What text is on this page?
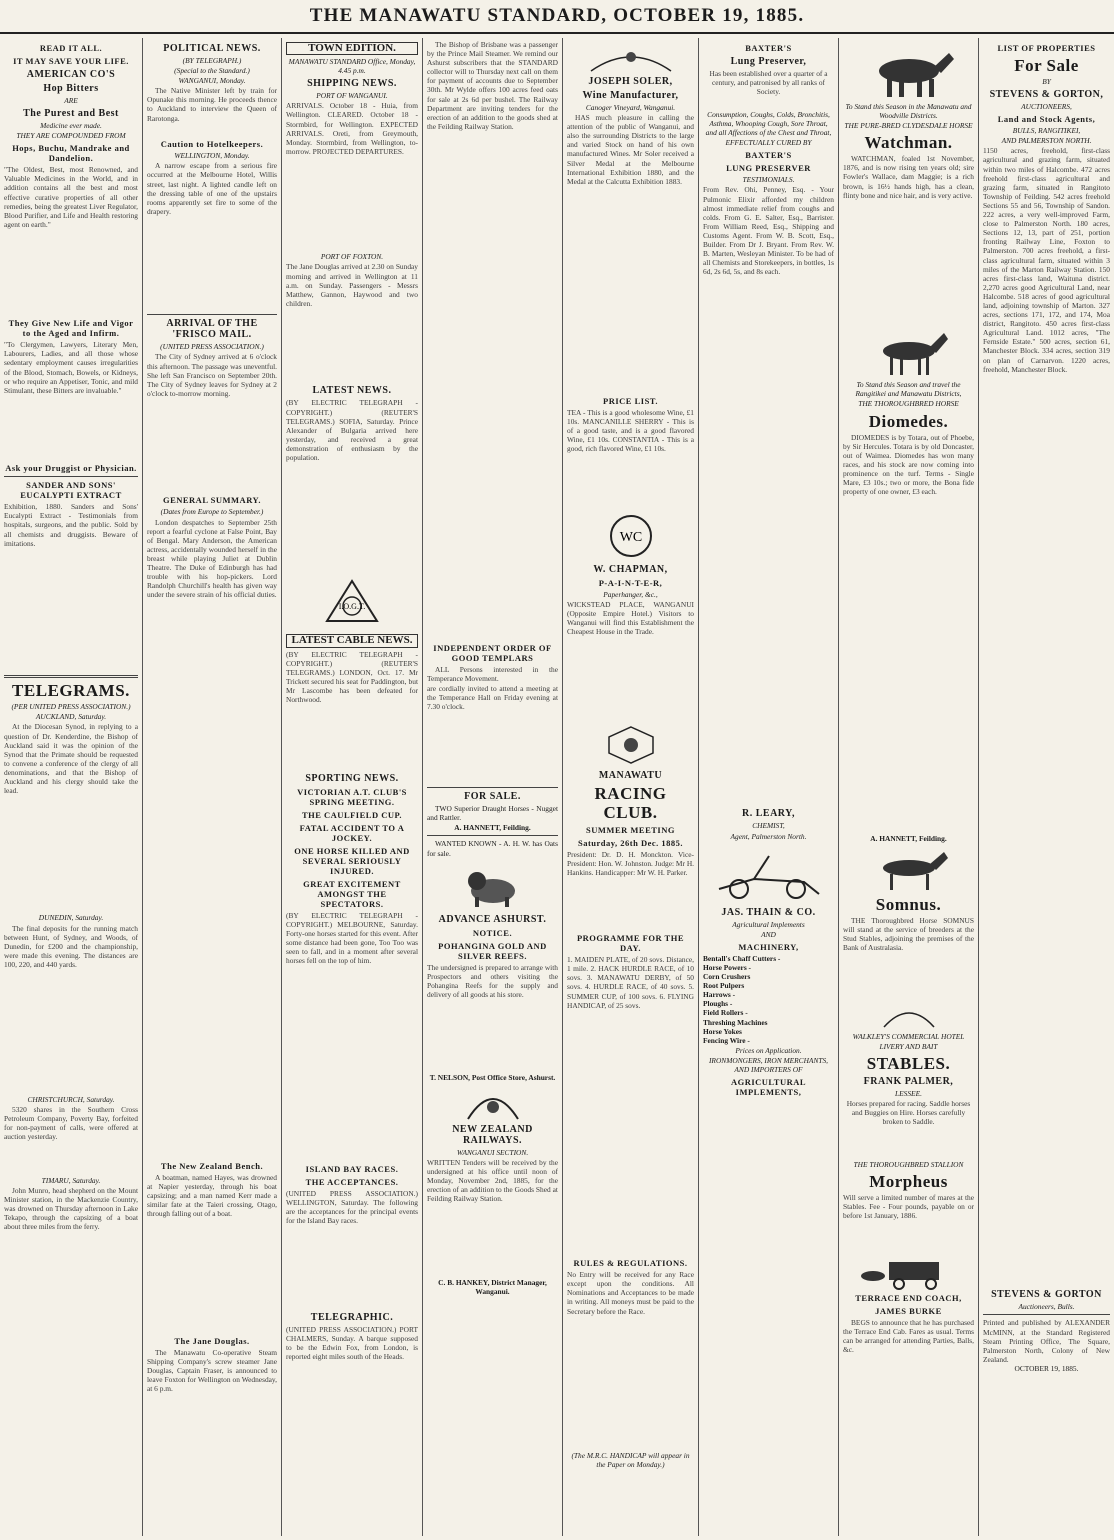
THE MANAWATU STANDARD, OCTOBER 19, 1885.
READ IT ALL.
IT MAY SAVE YOUR LIFE.
AMERICAN CO'S
Hop Bitters
ARE
The Purest and Best
Medicine ever made.
THEY ARE COMPOUNDED FROM
Hops, Buchu, Mandrake and Dandelion.
"The Oldest, Best, most Renowned, and Valuable Medicines in the World, and in addition contains all the best and most effective curative properties of all other remedies, being the greatest Liver Regulator, Blood Purifier, and Life and Health restoring agent on earth."
They Give New Life and Vigor to the Aged and Infirm.
"To Clergymen, Lawyers, Literary Men, Labourers, Ladies, and all those whose sedentary employment causes irregularities of the Blood, Stomach, Bowels, or Kidneys, or who require an Appetiser, Tonic, and mild Stimulant, these Bitters are invaluable."
Ask your Druggist or Physician.
SANDER AND SONS' EUCALYPTI EXTRACT
Exhibition, 1880. Sanders and Sons' Eucalypti Extract - Testimonials from hospitals, surgeons, and the public. Sold by all chemists and druggists. Beware of imitations.
TELEGRAMS.
(PER UNITED PRESS ASSOCIATION.)
AUCKLAND, Saturday.
At the Diocesan Synod, in replying to a question of Dr. Kenderdine, the Bishop of Auckland said it was the opinion of the Synod that the Primate should be requested to convene a conference of the clergy of all denominations, and that the Bishop of Auckland and his clergy should take the lead.
DUNEDIN, Saturday.
The final deposits for the running match between Hunt, of Sydney, and Woods, of Dunedin, for £200 and the championship, were made this evening. The distances are 100, 220, and 440 yards.
CHRISTCHURCH, Saturday.
5320 shares in the Southern Cross Petroleum Company, Poverty Bay, forfeited for non-payment of calls, were offered at auction yesterday.
TIMARU, Saturday.
John Munro, head shepherd on the Mount Minister station, in the Mackenzie Country, was drowned on Thursday afternoon in Lake Tekapo, through the capsizing of a boat about three miles from the ferry.
POLITICAL NEWS.
(BY TELEGRAPH.)
(Special to the Standard.)
WANGANUI, Monday.
The Native Minister left by train for Opunake this morning. He proceeds thence to Auckland to interview the Queen of Rarotonga.
Caution to Hotelkeepers.
WELLINGTON, Monday.
A narrow escape from a serious fire occurred at the Melbourne Hotel, Willis street, last night. A lighted candle left on the dressing table of one of the upstairs rooms apparently set fire to some of the drapery.
ARRIVAL OF THE 'FRISCO MAIL.
(UNITED PRESS ASSOCIATION.)
The City of Sydney arrived at 6 o'clock this afternoon. The passage was uneventful. She left San Francisco on September 20th. The City of Sydney leaves for Sydney at 2 o'clock to-morrow morning.
GENERAL SUMMARY.
(Dates from Europe to September.)
London despatches to September 25th report a fearful cyclone at False Point, Bay of Bengal. Mary Anderson, the American actress, accidentally wounded herself in the breast while playing Juliet at Dublin Theatre. The Duke of Edinburgh has had trouble with his hop-pickers. Lord Randolph Churchill's health has given way under the severe strain of his official duties.
The New Zealand Bench.
A boatman, named Hayes, was drowned at Napier yesterday, through his boat capsizing; and a man named Kerr made a similar fate at the Taieri crossing, Otago, through falling out of a boat.
The Jane Douglas.
The Manawatu Co-operative Steam Shipping Company's screw steamer Jane Douglas, Captain Fraser, is announced to leave Foxton for Wellington on Wednesday, at 6 p.m.
TOWN EDITION.
MANAWATU STANDARD Office, Monday, 4.45 p.m.
SHIPPING NEWS.
PORT OF WANGANUI.
ARRIVALS. October 18 - Huia, from Wellington. CLEARED. October 18 - Stormbird, for Wellington. EXPECTED ARRIVALS. Oreti, from Greymouth, Monday. Stormbird, from Wellington, to-morrow. PROJECTED DEPARTURES.
PORT OF FOXTON.
The Jane Douglas arrived at 2.30 on Sunday morning and arrived in Wellington at 11 a.m. on Sunday. Passengers - Messrs Matthew, Gannon, Haywood and two children.
LATEST NEWS.
(BY ELECTRIC TELEGRAPH - COPYRIGHT.) (REUTER'S TELEGRAMS.) SOFIA, Saturday. Prince Alexander of Bulgaria arrived here yesterday, and received a great demonstration of enthusiasm by the population.
I.O.G.T.
LATEST CABLE NEWS.
(BY ELECTRIC TELEGRAPH - COPYRIGHT.) (REUTER'S TELEGRAMS.) LONDON, Oct. 17. Mr Trickett secured his seat for Paddington, but Mr Lascombe has been defeated for Northwood.
SPORTING NEWS.
VICTORIAN A.T. CLUB'S SPRING MEETING.
THE CAULFIELD CUP.
FATAL ACCIDENT TO A JOCKEY.
ONE HORSE KILLED AND SEVERAL SERIOUSLY INJURED.
GREAT EXCITEMENT AMONGST THE SPECTATORS.
(BY ELECTRIC TELEGRAPH - COPYRIGHT.) MELBOURNE, Saturday. Forty-one horses started for this event. After some distance had been gone, Too Too was seen to fall, and in a moment after several horses fell on the top of him.
ISLAND BAY RACES.
THE ACCEPTANCES.
(UNITED PRESS ASSOCIATION.) WELLINGTON, Saturday. The following are the acceptances for the principal events for the Island Bay races.
TELEGRAPHIC.
(UNITED PRESS ASSOCIATION.) PORT CHALMERS, Sunday. A barque supposed to be the Edwin Fox, from London, is reported eight miles south of the Heads.
The Bishop of Brisbane was a passenger by the Prince Mail Steamer. We remind our Ashurst subscribers that the STANDARD collector will to Thursday next call on them for payment of accounts due to September 30th. Mr Wylde offers 100 acres feed oats for sale at 2s 6d per bushel. The Railway Department are inviting tenders for the erection of an addition to the goods shed at the Feilding Railway Station.
INDEPENDENT ORDER OF GOOD TEMPLARS
ALL Persons interested in the Temperance Movement.
are cordially invited to attend a meeting at the Temperance Hall on Friday evening at 7.30 o'clock.
FOR SALE.
TWO Superior Draught Horses - Nugget and Rattler.
A. HANNETT, Feilding.
WANTED KNOWN - A. H. W. has Oats for sale.
ADVANCE ASHURST.
NOTICE.
POHANGINA GOLD AND SILVER REEFS.
The undersigned is prepared to arrange with Prospectors and others visiting the Pohangina Reefs for the supply and delivery of all goods at his store.
T. NELSON, Post Office Store, Ashurst.
NEW ZEALAND RAILWAYS.
WANGANUI SECTION.
WRITTEN Tenders will be received by the undersigned at his office until noon of Monday, November 2nd, 1885, for the erection of an addition to the Goods Shed at Feilding Railway Station.
C. B. HANKEY, District Manager, Wanganui.
JOSEPH SOLER,
Wine Manufacturer,
Canoger Vineyard, Wanganui.
HAS much pleasure in calling the attention of the public of Wanganui, and also the surrounding Districts to the large and varied Stock on hand of his own manufactured Wines. Mr Soler received a Silver Medal at the Melbourne International Exhibition 1880, and the Medal at the Calcutta Exhibition 1883.
PRICE LIST.
TEA - This is a good wholesome Wine, £1 10s. MANCANILLE SHERRY - This is of a good taste, and is a good flavored Wine, £1 10s. CONSTANTIA - This is a good, rich flavored Wine, £1 10s.
WC
W. CHAPMAN,
P-A-I-N-T-E-R,
Paperhanger, &c.,
WICKSTEAD PLACE, WANGANUI (Opposite Empire Hotel.) Visitors to Wanganui will find this Establishment the Cheapest House in the Trade.
MANAWATU
RACING CLUB.
SUMMER MEETING
Saturday, 26th Dec. 1885.
President: Dr. D. H. Monckton. Vice-President: Hon. W. Johnston. Judge: Mr H. Hankins. Handicapper: Mr W. H. Parker.
PROGRAMME FOR THE DAY.
1. MAIDEN PLATE, of 20 sovs. Distance, 1 mile. 2. HACK HURDLE RACE, of 10 sovs. 3. MANAWATU DERBY, of 50 sovs. 4. HURDLE RACE, of 40 sovs. 5. SUMMER CUP, of 100 sovs. 6. FLYING HANDICAP, of 25 sovs.
RULES & REGULATIONS.
No Entry will be received for any Race except upon the conditions. All Nominations and Acceptances to be made in writing. All moneys must be paid to the Secretary before the Race.
(The M.R.C. HANDICAP will appear in the Paper on Monday.)
BAXTER'S
Lung Preserver,
Has been established over a quarter of a century, and patronised by all ranks of Society.
Consumption, Coughs, Colds, Bronchitis, Asthma, Whooping Cough, Sore Throat, and all Affections of the Chest and Throat,
EFFECTUALLY CURED BY
BAXTER'S
LUNG PRESERVER
TESTIMONIALS.
From Rev. Ohi, Penney, Esq. - Your Pulmonic Elixir afforded my children almost immediate relief from coughs and colds. From G. E. Salter, Esq., Barrister. From William Reed, Esq., Shipping and Customs Agent. From W. B. Scott, Esq., Builder. From Dr J. Bryant. From Rev. W. B. Marten, Wesleyan Minister. To be had of all Chemists and Storekeepers, in bottles, 1s 6d, 2s 6d, 5s, and 8s each.
R. LEARY,
CHEMIST,
Agent, Palmerston North.
JAS. THAIN & CO.
Agricultural Implements
AND
MACHINERY,
Bentall's Chaff Cutters -
Horse Powers -
Corn Crushers
Root Pulpers
Harrows -
Ploughs -
Field Rollers -
Threshing Machines
Horse Yokes
Fencing Wire -
Prices on Application.
IRONMONGERS, IRON MERCHANTS, AND IMPORTERS OF
AGRICULTURAL IMPLEMENTS,
To Stand this Season in the Manawatu and Woodville Districts.
THE PURE-BRED CLYDESDALE HORSE
Watchman.
WATCHMAN, foaled 1st November, 1876, and is now rising ten years old; sire Fowler's Wallace, dam Maggie; is a rich brown, is 16½ hands high, has a clean, flinty bone and nice hair, and is very active.
To Stand this Season and travel the Rangitikei and Manawatu Districts,
THE THOROUGHBRED HORSE
Diomedes.
DIOMEDES is by Totara, out of Phoebe, by Sir Hercules. Totara is by old Doncaster, out of Waimea. Diomedes has won many races, and his stock are now coming into prominence on the turf. Terms - Single Mare, £3 10s.; two or more, the Bona fide property of one owner, £3 each.
A. HANNETT, Feilding.
Somnus.
THE Thoroughbred Horse SOMNUS will stand at the service of breeders at the Stud Stables, adjoining the premises of the Bank of Australasia.
WALKLEY'S COMMERCIAL HOTEL
LIVERY AND BAIT
STABLES.
FRANK PALMER,
LESSEE.
Horses prepared for racing. Saddle horses and Buggies on Hire. Horses carefully broken to Saddle.
THE THOROUGHBRED STALLION
Morpheus
Will serve a limited number of mares at the Stables. Fee - Four pounds, payable on or before 1st January, 1886.
TERRACE END COACH,
JAMES BURKE
BEGS to announce that he has purchased the Terrace End Cab. Fares as usual. Terms can be arranged for attending Parties, Balls, &c.
LIST OF PROPERTIES
For Sale
BY
STEVENS & GORTON,
AUCTIONEERS,
Land and Stock Agents,
BULLS, RANGITIKEI,
AND PALMERSTON NORTH.
1150 acres, freehold, first-class agricultural and grazing farm, situated within two miles of Halcombe. 472 acres freehold first-class agricultural and grazing farm, situated in Rangitoto Township of Feilding. 542 acres freehold Sections 55 and 56, Township of Sandon. 222 acres, a very well-improved Farm, close to Palmerston North. 180 acres, Sections 12, 13, part of 251, portion fronting Railway Line, Foxton to Palmerston. 700 acres freehold, a first-class agricultural farm, situated within 3 miles of the Marton Railway Station. 150 acres first-class land, Waituna district. 2,270 acres good Agricultural Land, near Halcombe. 518 acres of good agricultural land, adjoining township of Marton. 327 acres, sections 171, 172, and 174, Moa district, Rangitoto. 450 acres first-class Agricultural Land. 1012 acres, "The Fernside Estate." 500 acres, section 61, Manchester Block. 334 acres, section 319 on plan of Carnarvon. 1220 acres, freehold, Manchester Block.
STEVENS & GORTON
Auctioneers, Bulls.
Printed and published by ALEXANDER McMINN, at the Standard Registered Steam Printing Office, The Square, Palmerston North, Colony of New Zealand.
OCTOBER 19, 1885.
